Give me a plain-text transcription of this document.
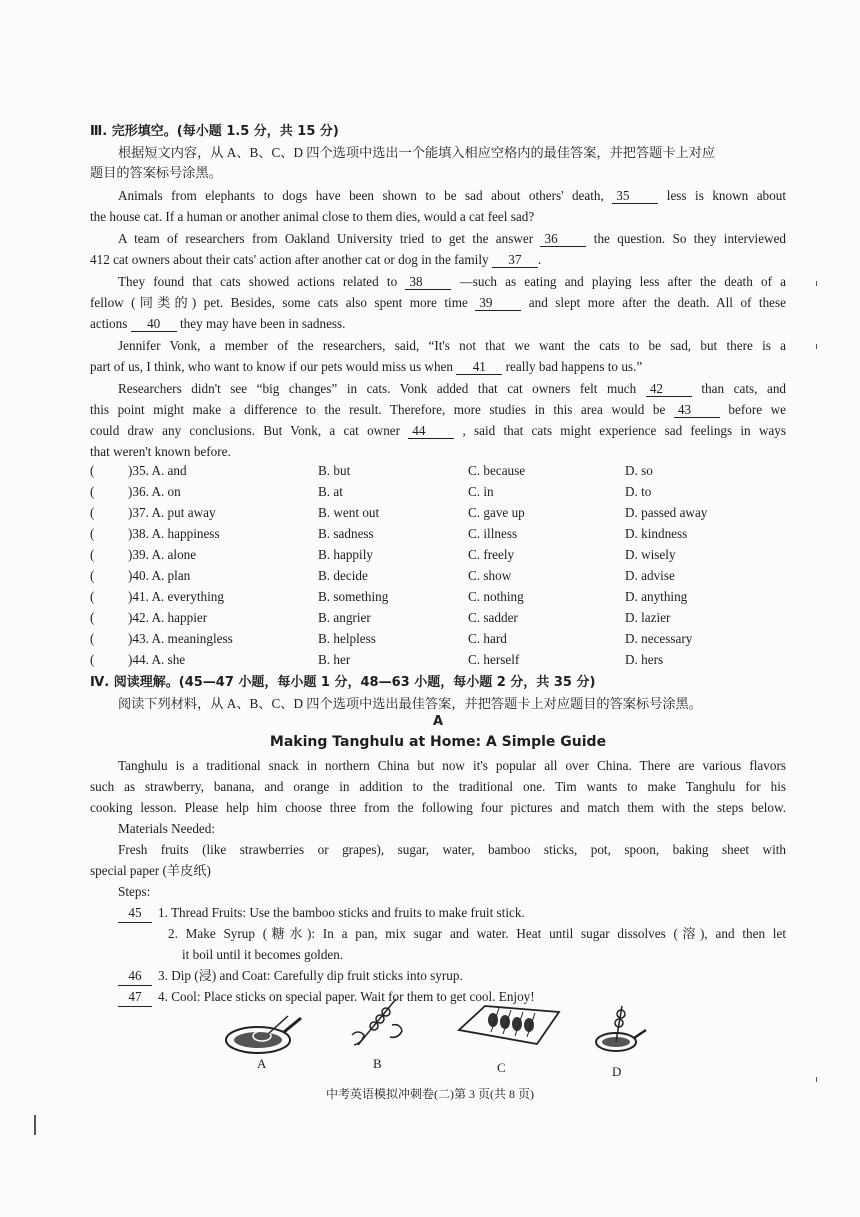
Ⅲ. 完形填空。(每小题 1.5 分，共 15 分)
根据短文内容，从 A、B、C、D 四个选项中选出一个能填入相应空格内的最佳答案，并把答题卡上对应
题目的答案标号涂黑。
Animals from elephants to dogs have been shown to be sad about others' death, 35	less is known about
the house cat. If a human or another animal close to them dies, would a cat feel sad?
A team of researchers from Oakland University tried to get the answer 36	the question. So they interviewed
412 cat owners about their cats' action after another cat or dog in the family 37 .
They found that cats showed actions related to 38	—such as eating and playing less after the death of a
fellow (同类的) pet. Besides, some cats also spent more time 39	and slept more after the death. All of these
actions 40 they may have been in sadness.
Jennifer Vonk, a member of the researchers, said, “It's not that we want the cats to be sad, but there is a
part of us, I think, who want to know if our pets would miss us when 41 really bad happens to us.”
Researchers didn't see “big changes” in cats. Vonk added that cat owners felt much 42	than cats, and
this point might make a difference to the result. Therefore, more studies in this area would be 43	before we
could draw any conclusions. But Vonk, a cat owner 44	, said that cats might experience sad feelings in ways
that weren't known before.
(	)35. A. and	B. but	C. because	D. so
(	)36. A. on	B. at	C. in	D. to
(	)37. A. put away	B. went out	C. gave up	D. passed away
(	)38. A. happiness	B. sadness	C. illness	D. kindness
(	)39. A. alone	B. happily	C. freely	D. wisely
(	)40. A. plan	B. decide	C. show	D. advise
(	)41. A. everything	B. something	C. nothing	D. anything
(	)42. A. happier	B. angrier	C. sadder	D. lazier
(	)43. A. meaningless	B. helpless	C. hard	D. necessary
(	)44. A. she	B. her	C. herself	D. hers
Ⅳ. 阅读理解。(45—47 小题，每小题 1 分，48—63 小题，每小题 2 分，共 35 分)
阅读下列材料，从 A、B、C、D 四个选项中选出最佳答案，并把答题卡上对应题目的答案标号涂黑。
A
Making Tanghulu at Home: A Simple Guide
Tanghulu is a traditional snack in northern China but now it's popular all over China. There are various flavors
such as strawberry, banana, and orange in addition to the traditional one. Tim wants to make Tanghulu for his
cooking lesson. Please help him choose three from the following four pictures and match them with the steps below.
Materials Needed:
Fresh fruits (like strawberries or grapes), sugar, water, bamboo sticks, pot, spoon, baking sheet with
special paper (羊皮纸)
Steps:
45 1. Thread Fruits: Use the bamboo sticks and fruits to make fruit stick.
2. Make Syrup (糖水): In a pan, mix sugar and water. Heat until sugar dissolves (溶), and then let
it boil until it becomes golden.
46 3. Dip (浸) and Coat: Carefully dip fruit sticks into syrup.
47 4. Cool: Place sticks on special paper. Wait for them to get cool. Enjoy!
A	B	C	D
中考英语模拟冲刺卷(二)第 3 页(共 8 页)
